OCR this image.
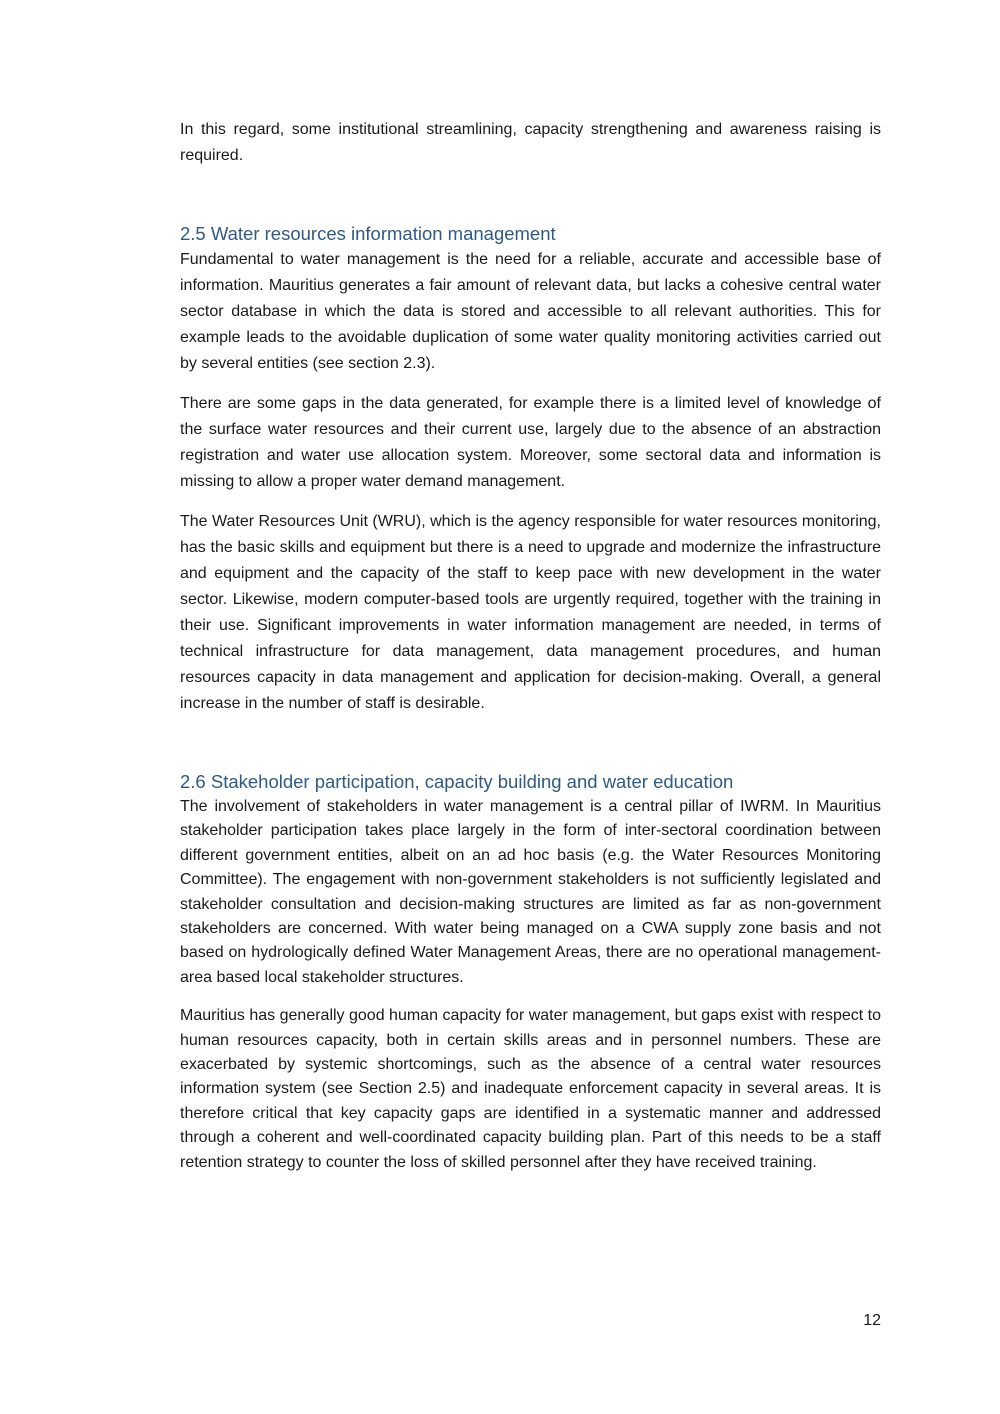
In this regard, some institutional streamlining, capacity strengthening and awareness raising is required.

2.5 Water resources information management

Fundamental to water management is the need for a reliable, accurate and accessible base of information. Mauritius generates a fair amount of relevant data, but lacks a cohesive central water sector database in which the data is stored and accessible to all relevant authorities. This for example leads to the avoidable duplication of some water quality monitoring activities carried out by several entities (see section 2.3).

There are some gaps in the data generated, for example there is a limited level of knowledge of the surface water resources and their current use, largely due to the absence of an abstraction registration and water use allocation system. Moreover, some sectoral data and information is missing to allow a proper water demand management.

The Water Resources Unit (WRU), which is the agency responsible for water resources monitoring, has the basic skills and equipment but there is a need to upgrade and modernize the infrastructure and equipment and the capacity of the staff to keep pace with new development in the water sector. Likewise, modern computer-based tools are urgently required, together with the training in their use. Significant improvements in water information management are needed, in terms of technical infrastructure for data management, data management procedures, and human resources capacity in data management and application for decision-making. Overall, a general increase in the number of staff is desirable.

2.6 Stakeholder participation, capacity building and water education

The involvement of stakeholders in water management is a central pillar of IWRM. In Mauritius stakeholder participation takes place largely in the form of inter-sectoral coordination between different government entities, albeit on an ad hoc basis (e.g. the Water Resources Monitoring Committee). The engagement with non-government stakeholders is not sufficiently legislated and stakeholder consultation and decision-making structures are limited as far as non-government stakeholders are concerned. With water being managed on a CWA supply zone basis and not based on hydrologically defined Water Management Areas, there are no operational management-area based local stakeholder structures.

Mauritius has generally good human capacity for water management, but gaps exist with respect to human resources capacity, both in certain skills areas and in personnel numbers. These are exacerbated by systemic shortcomings, such as the absence of a central water resources information system (see Section 2.5) and inadequate enforcement capacity in several areas. It is therefore critical that key capacity gaps are identified in a systematic manner and addressed through a coherent and well-coordinated capacity building plan. Part of this needs to be a staff retention strategy to counter the loss of skilled personnel after they have received training.

12
